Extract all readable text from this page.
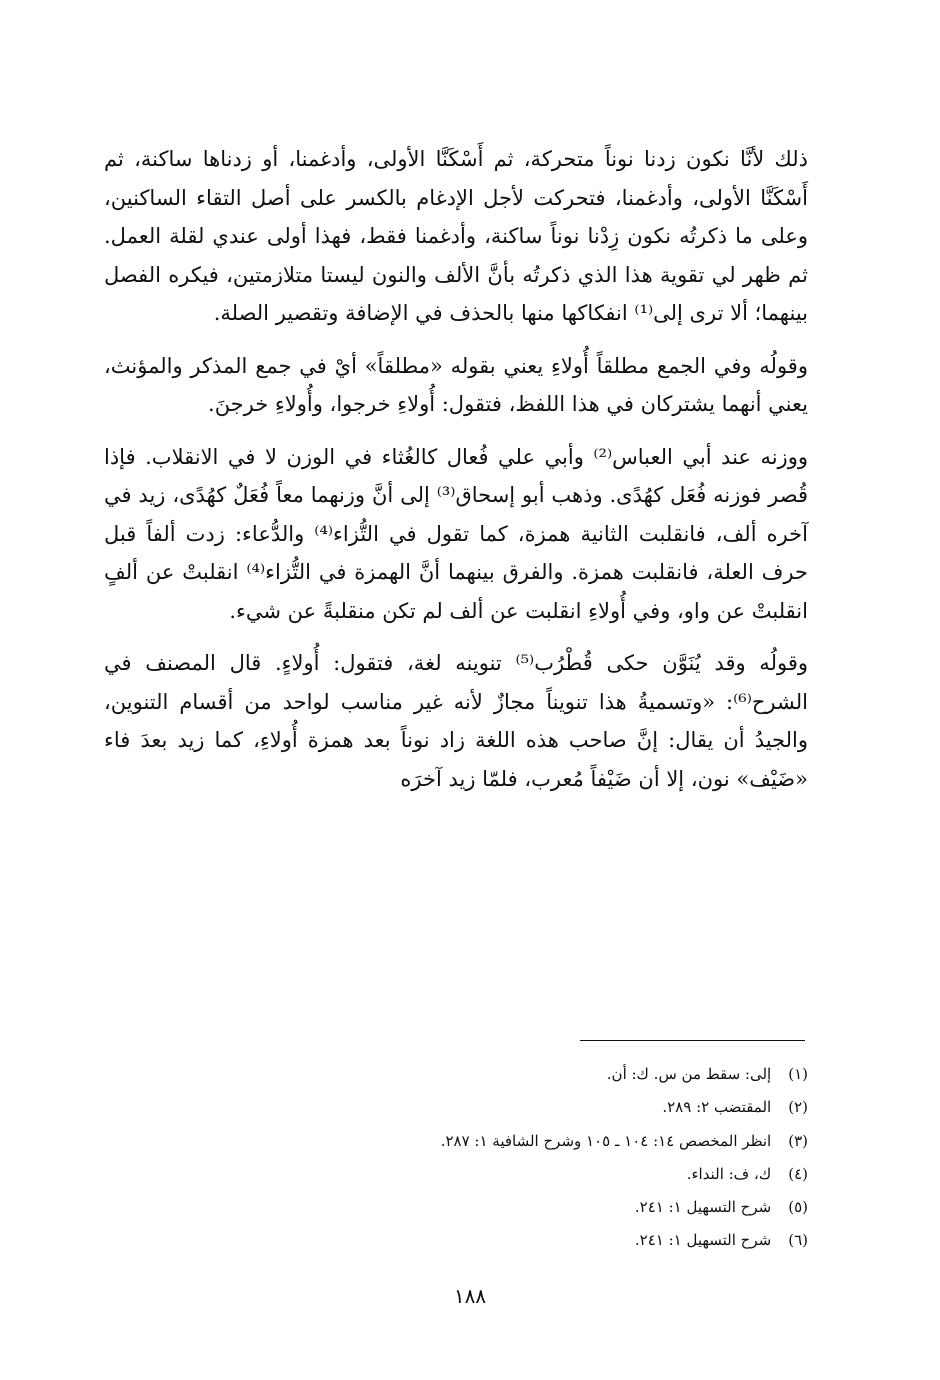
ذلك لأنَّا نكون زدنا نوناً متحركة، ثم أَسْكَنَّا الأولى، وأدغمنا، أو زدناها ساكنة، ثم أَسْكَنَّا الأولى، وأدغمنا، فتحركت لأجل الإدغام بالكسر على أصل التقاء الساكنين، وعلى ما ذكرتُه نكون زِدْنا نوناً ساكنة، وأدغمنا فقط، فهذا أولى عندي لقلة العمل. ثم ظهر لي تقوية هذا الذي ذكرتُه بأنَّ الألف والنون ليستا متلازمتين، فيكره الفصل بينهما؛ ألا ترى إلى⁽¹⁾ انفكاكها منها بالحذف في الإضافة وتقصير الصلة.

وقولُه وفي الجمع مطلقاً أُولاءِ يعني بقوله «مطلقاً» أيْ في جمع المذكر والمؤنث، يعني أنهما يشتركان في هذا اللفظ، فتقول: أُولاءِ خرجوا، وأُولاءِ خرجنَ.

ووزنه عند أبي العباس⁽²⁾ وأبي علي فُعال كالغُثاء في الوزن لا في الانقلاب. فإذا قُصر فوزنه فُعَل كهُدًى. وذهب أبو إسحاق⁽³⁾ إلى أنَّ وزنهما معاً فُعَلٌ كهُدًى، زيد في آخره ألف، فانقلبت الثانية همزة، كما تقول في التُّزاء⁽⁴⁾ والدُّعاء: زدت ألفاً قبل حرف العلة، فانقلبت همزة. والفرق بينهما أنَّ الهمزة في التُّزاء⁽⁴⁾ انقلبتْ عن ألفٍ انقلبتْ عن واو، وفي أُولاءِ انقلبت عن ألف لم تكن منقلبةً عن شيء.

وقولُه وقد يُنَوَّن حكى قُطْرُب⁽⁵⁾ تنوينه لغة، فتقول: أُولاءٍ. قال المصنف في الشرح⁽⁶⁾: «وتسميةُ هذا تنويناً مجازٌ لأنه غير مناسب لواحد من أقسام التنوين، والجيدُ أن يقال: إنَّ صاحب هذه اللغة زاد نوناً بعد همزة أُولاءِ، كما زيد بعدَ فاء «ضَيْف» نون، إلا أن ضَيْفاً مُعرب، فلمّا زيد آخرَه

(١) إلى: سقط من س. ك: أن.
(٢) المقتضب ٢: ٢٨٩.
(٣) انظر المخصص ١٤: ١٠٤ ـ ١٠٥ وشرح الشافية ١: ٢٨٧.
(٤) ك، ف: النداء.
(٥) شرح التسهيل ١: ٢٤١.
(٦) شرح التسهيل ١: ٢٤١.
١٨٨
